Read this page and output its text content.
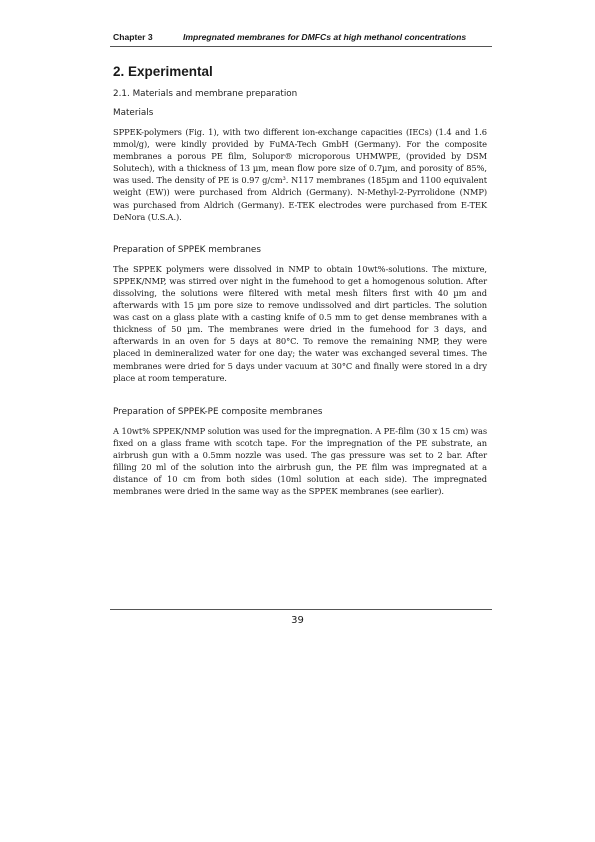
Chapter 3	Impregnated membranes for DMFCs at high methanol concentrations
2. Experimental
2.1. Materials and membrane preparation
Materials

SPPEK-polymers (Fig. 1), with two different ion-exchange capacities (IECs) (1.4 and 1.6 mmol/g), were kindly provided by FuMA-Tech GmbH (Germany). For the composite membranes a porous PE film, Solupor® microporous UHMWPE, (provided by DSM Solutech), with a thickness of 13 µm, mean flow pore size of 0.7µm, and porosity of 85%, was used. The density of PE is 0.97 g/cm³. N117 membranes (185µm and 1100 equivalent weight (EW)) were purchased from Aldrich (Germany). N-Methyl-2-Pyrrolidone (NMP) was purchased from Aldrich (Germany). E-TEK electrodes were purchased from E-TEK DeNora (U.S.A.).

Preparation of SPPEK membranes

The SPPEK polymers were dissolved in NMP to obtain 10wt%-solutions. The mixture, SPPEK/NMP, was stirred over night in the fumehood to get a homogenous solution. After dissolving, the solutions were filtered with metal mesh filters first with 40 µm and afterwards with 15 µm pore size to remove undissolved and dirt particles. The solution was cast on a glass plate with a casting knife of 0.5 mm to get dense membranes with a thickness of 50 µm. The membranes were dried in the fumehood for 3 days, and afterwards in an oven for 5 days at 80°C. To remove the remaining NMP, they were placed in demineralized water for one day; the water was exchanged several times. The membranes were dried for 5 days under vacuum at 30°C and finally were stored in a dry place at room temperature.

Preparation of SPPEK-PE composite membranes

A 10wt% SPPEK/NMP solution was used for the impregnation. A PE-film (30 x 15 cm) was fixed on a glass frame with scotch tape. For the impregnation of the PE substrate, an airbrush gun with a 0.5mm nozzle was used. The gas pressure was set to 2 bar. After filling 20 ml of the solution into the airbrush gun, the PE film was impregnated at a distance of 10 cm from both sides (10ml solution at each side). The impregnated membranes were dried in the same way as the SPPEK membranes (see earlier).

39
